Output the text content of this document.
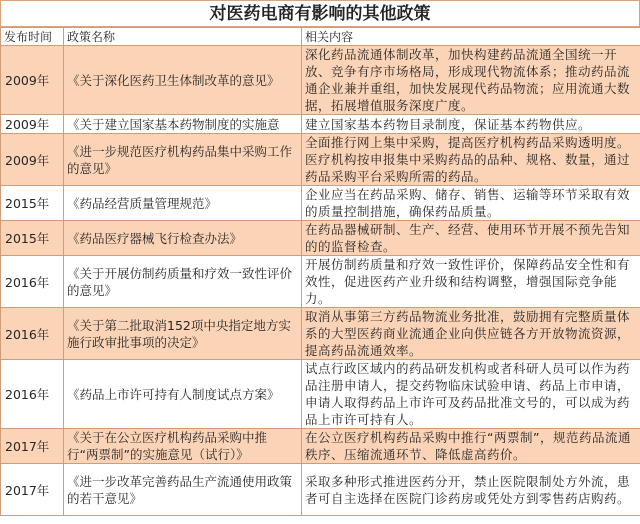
对医药电商有影响的其他政策
发布时间	政策名称	相关内容
2009年	《关于深化医药卫生体制改革的意见》	深化药品流通体制改革，加快构建药品流通全国统一开放、竞争有序市场格局，形成现代物流体系；推动药品流通企业兼并重组，加快发展现代药品物流；应用流通大数据，拓展增值服务深度广度。
2009年	《关于建立国家基本药物制度的实施意	建立国家基本药物目录制度，保证基本药物供应。
2009年	《进一步规范医疗机构药品集中采购工作的意见》	全面推行网上集中采购，提高医疗机构药品采购透明度。医疗机构按申报集中采购药品的品种、规格、数量，通过药品采购平台采购所需的药品。
2015年	《药品经营质量管理规范》	企业应当在药品采购、储存、销售、运输等环节采取有效的质量控制措施，确保药品质量。
2015年	《药品医疗器械飞行检查办法》	在药品器械研制、生产、经营、使用环节开展不预先告知的的监督检查。
2016年	《关于开展仿制药质量和疗效一致性评价的意见》	开展仿制药质量和疗效一致性评价，保障药品安全性和有效性，促进医药产业升级和结构调整，增强国际竞争能力。
2016年	《关于第二批取消152项中央指定地方实施行政审批事项的决定》	取消从事第三方药品物流业务批准，鼓励拥有完整质量体系的大型医药商业流通企业向供应链各方开放物流资源，提高药品流通效率。
2016年	《药品上市许可持有人制度试点方案》	试点行政区域内的药品研发机构或者科研人员可以作为药品注册申请人，提交药物临床试验申请、药品上市申请，申请人取得药品上市许可及药品批准文号的，可以成为药品上市许可持有人。
2017年	《关于在公立医疗机构药品采购中推行“两票制”的实施意见（试行）》	在公立医疗机构药品采购中推行“两票制”，规范药品流通秩序、压缩流通环节、降低虚高药价。
2017年	《进一步改革完善药品生产流通使用政策的若干意见》	采取多种形式推进医药分开，禁止医院限制处方外流，患者可自主选择在医院门诊药房或凭处方到零售药店购药。
